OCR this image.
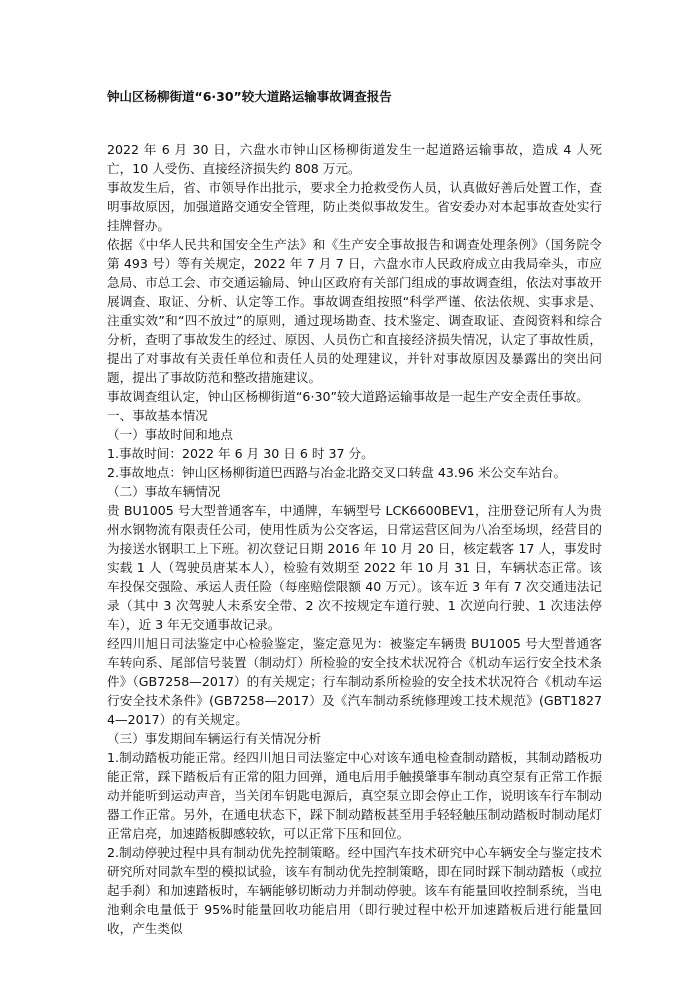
钟山区杨柳街道“6·30”较大道路运输事故调查报告

2022 年 6 月 30 日，六盘水市钟山区杨柳街道发生一起道路运输事故，造成 4 人死亡，10 人受伤、直接经济损失约 808 万元。

事故发生后，省、市领导作出批示，要求全力抢救受伤人员，认真做好善后处置工作，查明事故原因，加强道路交通安全管理，防止类似事故发生。省安委办对本起事故查处实行挂牌督办。

依据《中华人民共和国安全生产法》和《生产安全事故报告和调查处理条例》（国务院令第 493 号）等有关规定，2022 年 7 月 7 日，六盘水市人民政府成立由我局牵头，市应急局、市总工会、市交通运输局、钟山区政府有关部门组成的事故调查组，依法对事故开展调查、取证、分析、认定等工作。事故调查组按照“科学严谨、依法依规、实事求是、注重实效”和“四不放过”的原则，通过现场勘查、技术鉴定、调查取证、查阅资料和综合分析，查明了事故发生的经过、原因、人员伤亡和直接经济损失情况，认定了事故性质，提出了对事故有关责任单位和责任人员的处理建议，并针对事故原因及暴露出的突出问题，提出了事故防范和整改措施建议。

事故调查组认定，钟山区杨柳街道“6·30”较大道路运输事故是一起生产安全责任事故。

一、事故基本情况

（一）事故时间和地点

1.事故时间：2022 年 6 月 30 日 6 时 37 分。

2.事故地点：钟山区杨柳街道巴西路与冶金北路交叉口转盘 43.96 米公交车站台。

（二）事故车辆情况

贵 BU1005 号大型普通客车，中通牌，车辆型号 LCK6600BEV1，注册登记所有人为贵州水钢物流有限责任公司，使用性质为公交客运，日常运营区间为八冶至场坝，经营目的为接送水钢职工上下班。初次登记日期 2016 年 10 月 20 日，核定载客 17 人，事发时实载 1 人（驾驶员唐某本人），检验有效期至 2022 年 10 月 31 日，车辆状态正常。该车投保交强险、承运人责任险（每座赔偿限额 40 万元）。该车近 3 年有 7 次交通违法记录（其中 3 次驾驶人未系安全带、2 次不按规定车道行驶、1 次逆向行驶、1 次违法停车），近 3 年无交通事故记录。

经四川旭日司法鉴定中心检验鉴定，鉴定意见为：被鉴定车辆贵 BU1005 号大型普通客车转向系、尾部信号装置（制动灯）所检验的安全技术状况符合《机动车运行安全技术条件》（GB7258—2017）的有关规定；行车制动系所检验的安全技术状况符合《机动车运行安全技术条件》(GB7258—2017）及《汽车制动系统修理竣工技术规范》(GBT18274—2017）的有关规定。

（三）事发期间车辆运行有关情况分析

1.制动踏板功能正常。经四川旭日司法鉴定中心对该车通电检查制动踏板，其制动踏板功能正常，踩下踏板后有正常的阻力回弹，通电后用手触摸肇事车制动真空泵有正常工作振动并能听到运动声音，当关闭车钥匙电源后，真空泵立即会停止工作，说明该车行车制动器工作正常。另外，在通电状态下，踩下制动踏板甚至用手轻轻触压制动踏板时制动尾灯正常启亮，加速踏板脚感较软，可以正常下压和回位。

2.制动停驶过程中具有制动优先控制策略。经中国汽车技术研究中心车辆安全与鉴定技术研究所对同款车型的模拟试验，该车有制动优先控制策略，即在同时踩下制动踏板（或拉起手刹）和加速踏板时，车辆能够切断动力并制动停驶。该车有能量回收控制系统，当电池剩余电量低于 95%时能量回收功能启用（即行驶过程中松开加速踏板后进行能量回收，产生类似
